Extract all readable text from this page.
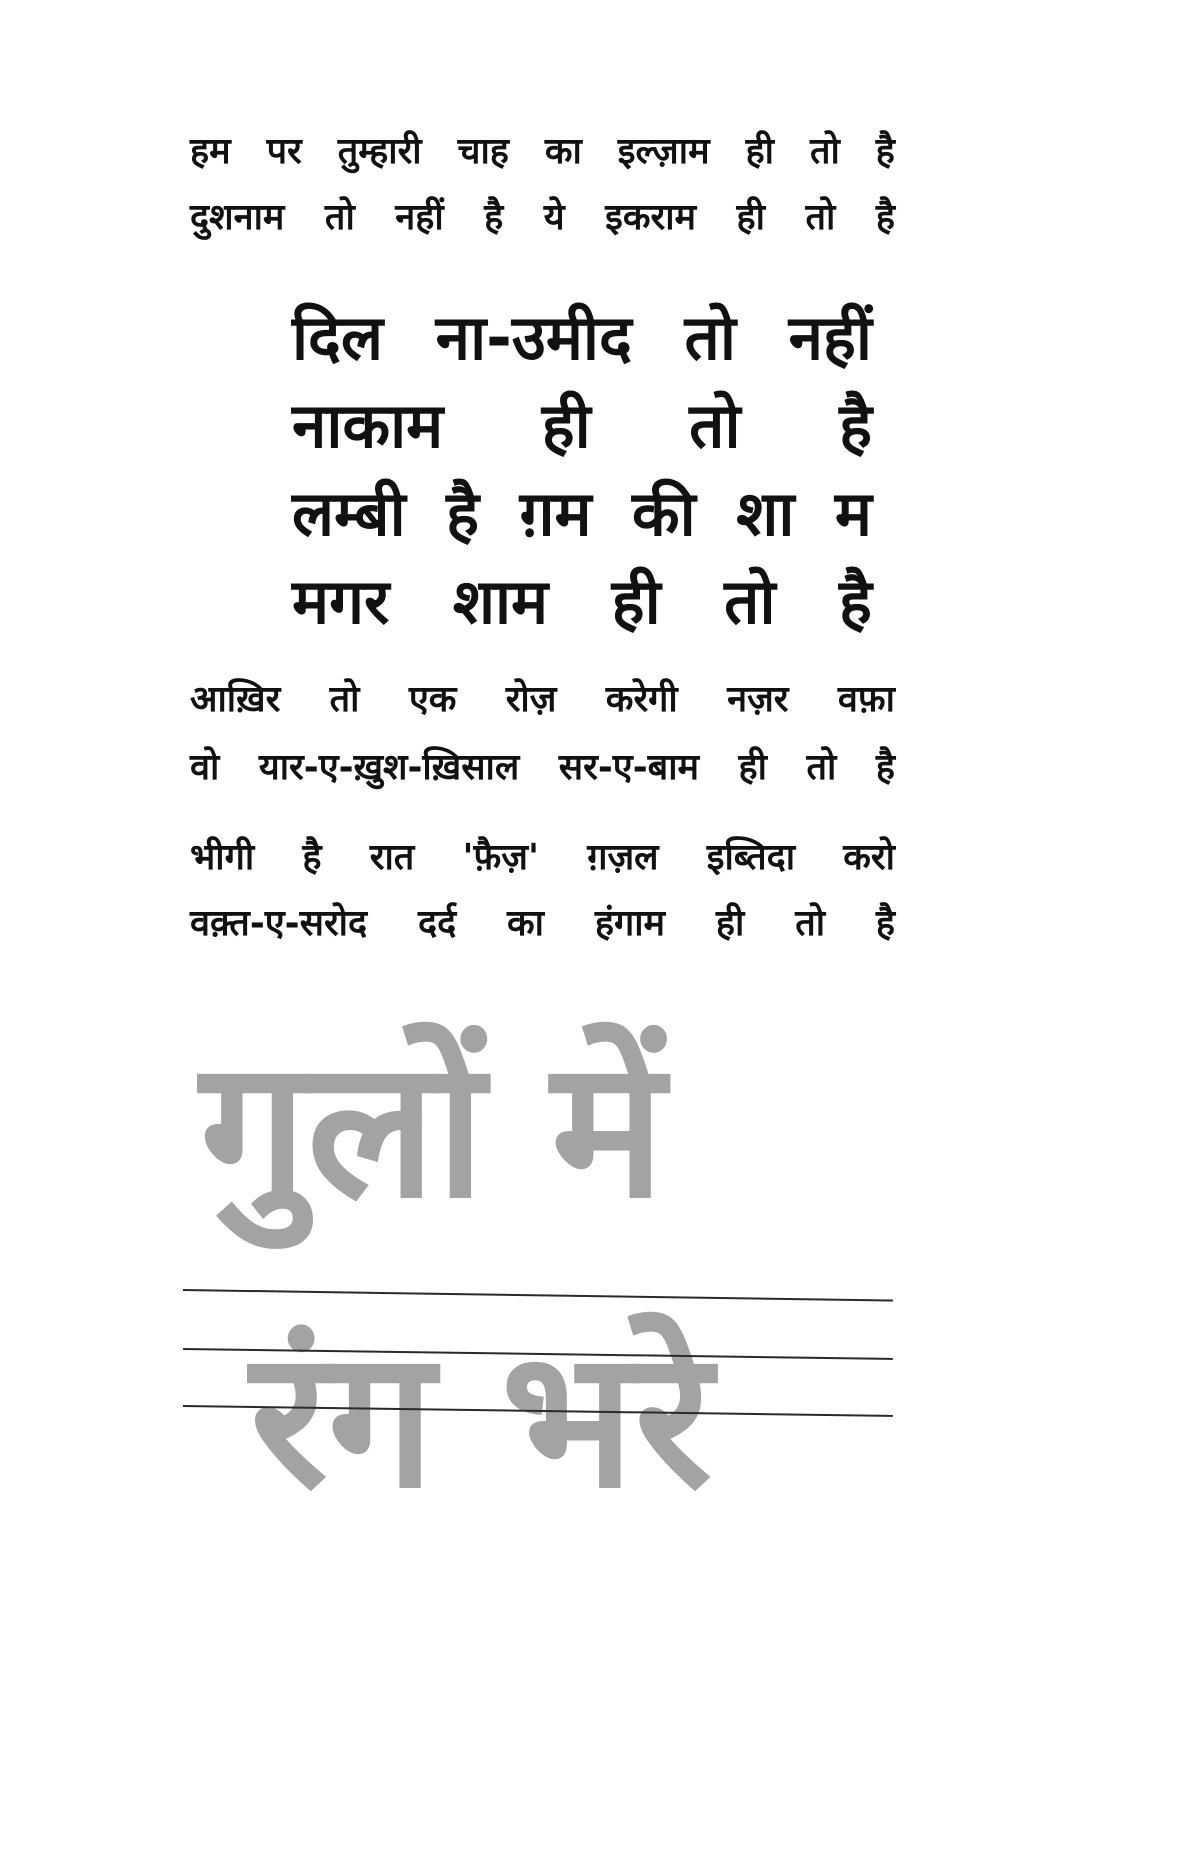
हम पर तुम्हारी चाह का इल्ज़ाम ही तो है

दुशनाम तो नहीं है ये इकराम ही तो है

दिल ना-उमीद तो नहीं

नाकाम ही तो है

लम्बी है ग़म की शा म

मगर शाम ही तो है

आख़िर तो एक रोज़ करेगी नज़र वफ़ा

वो यार-ए-ख़ुश-ख़िसाल सर-ए-बाम ही तो है

भीगी है रात 'फ़ैज़' ग़ज़ल इब्तिदा करो

वक़्त-ए-सरोद दर्द का हंगाम ही तो है

गुलों में
रंग भरे
